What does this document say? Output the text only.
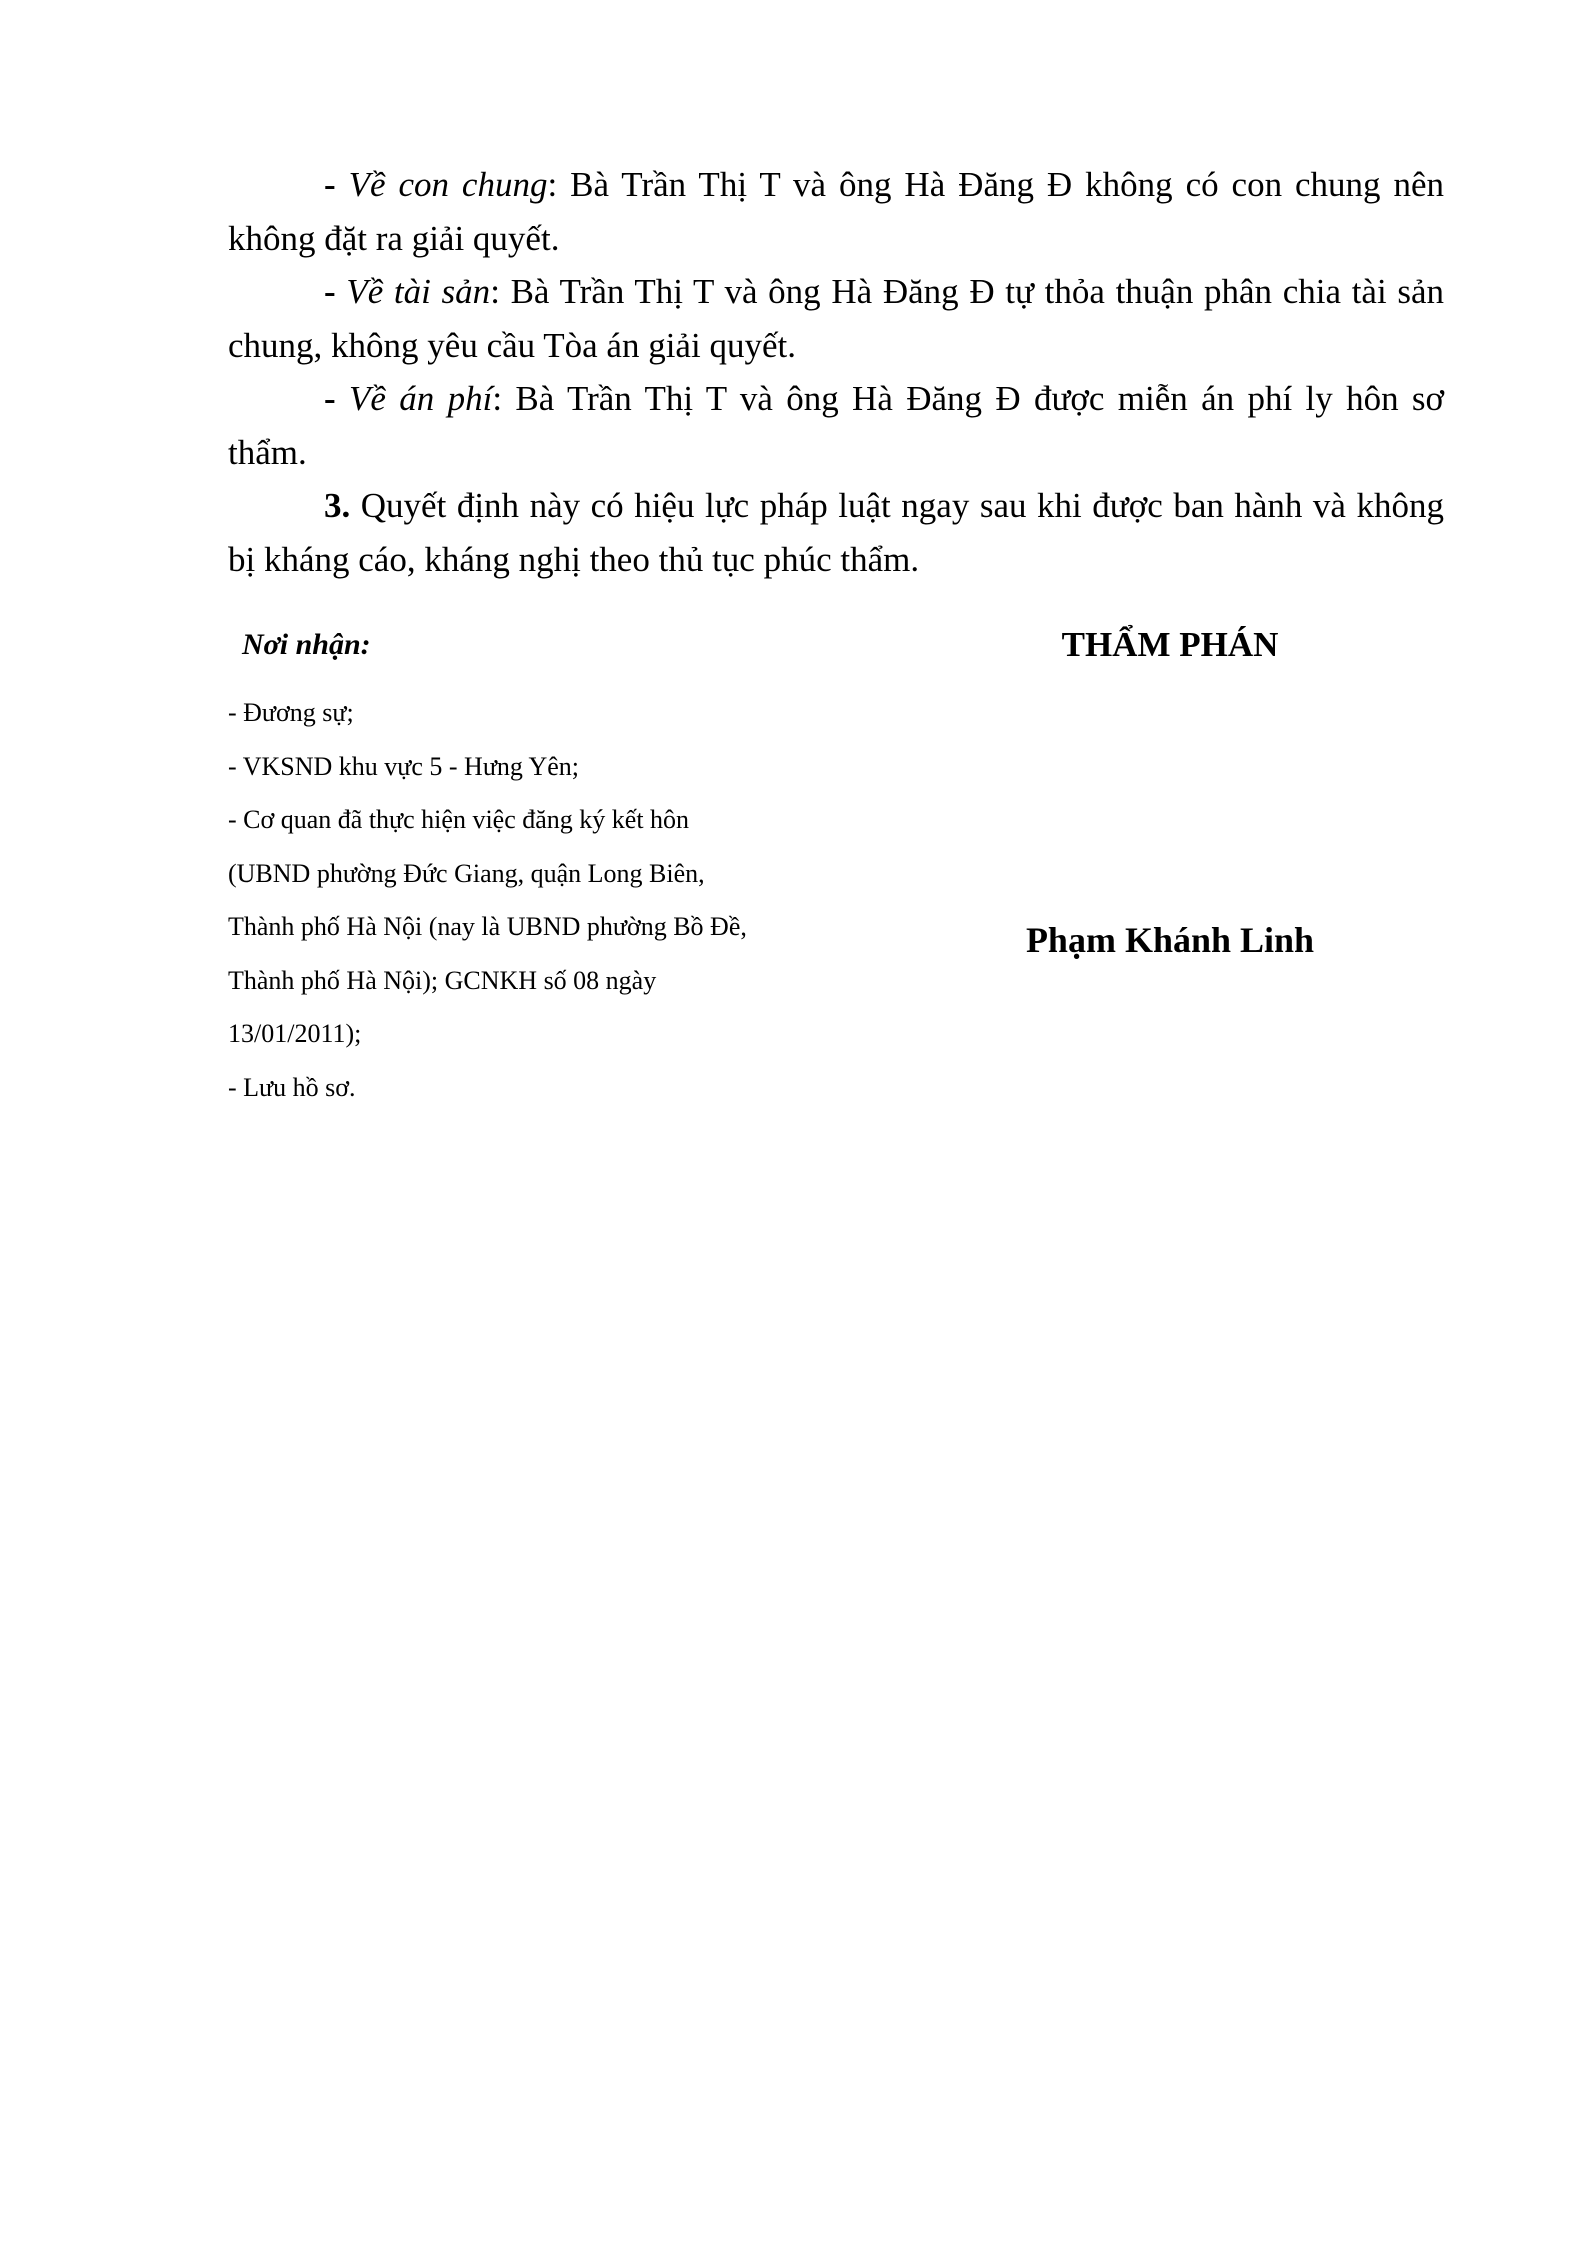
- Về con chung: Bà Trần Thị T và ông Hà Đăng Đ không có con chung nên không đặt ra giải quyết.

- Về tài sản: Bà Trần Thị T và ông Hà Đăng Đ tự thỏa thuận phân chia tài sản chung, không yêu cầu Tòa án giải quyết.

- Về án phí: Bà Trần Thị T và ông Hà Đăng Đ được miễn án phí ly hôn sơ thẩm.

3. Quyết định này có hiệu lực pháp luật ngay sau khi được ban hành và không bị kháng cáo, kháng nghị theo thủ tục phúc thẩm.

Nơi nhận:
- Đương sự;
- VKSND khu vực 5 - Hưng Yên;
- Cơ quan đã thực hiện việc đăng ký kết hôn
(UBND phường Đức Giang, quận Long Biên,
Thành phố Hà Nội (nay là UBND phường Bồ Đề,
Thành phố Hà Nội); GCNKH số 08 ngày
13/01/2011);
- Lưu hồ sơ.
THẨM PHÁN
Phạm Khánh Linh
